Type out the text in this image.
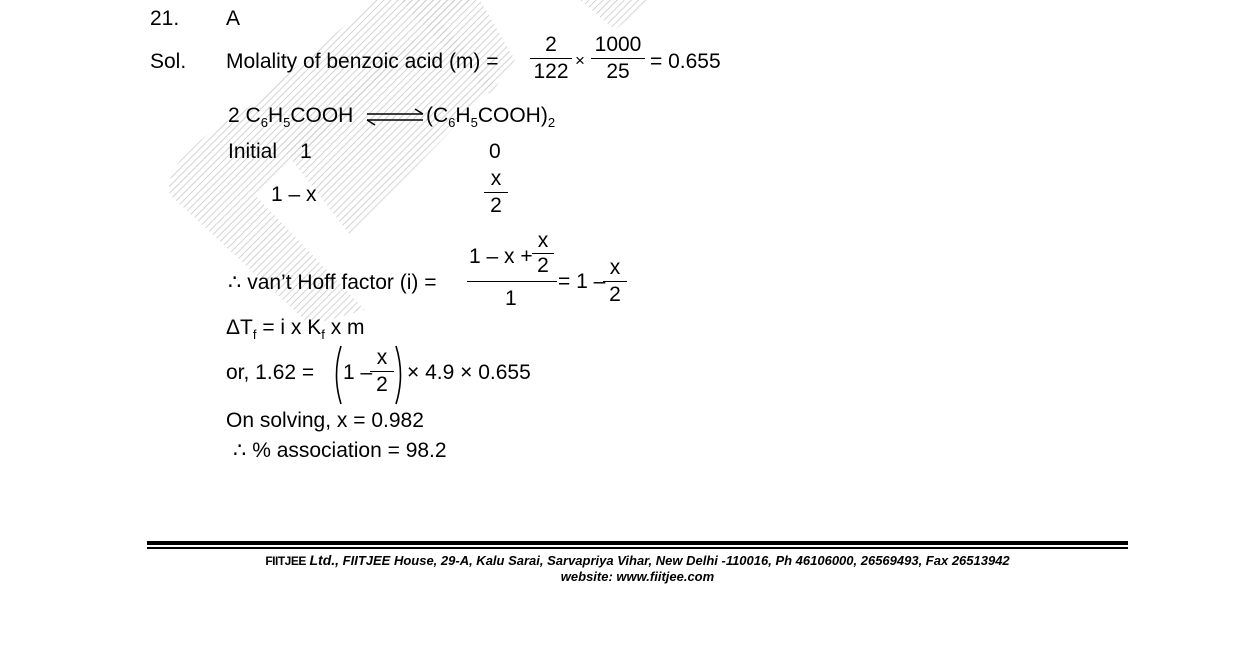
21. A
Sol. Molality of benzoic acid (m) =
2
122 ×
1000
25 = 0.655
2 $C_6H_5COOH$ ⇌ $(C_6H_5COOH)_2$
Initial 1	0
1 – x
x
2
∴ van’t Hoff factor (i) =
1 – x +
x
2
1
= 1 –
x
2
$\Delta T_f = i$ x $K_f$ x m
or, 1.62 = 1 –
x
2
× 4.9 × 0.655
On solving, x = 0.982
∴ % association = 98.2
FIITJEE Ltd., FIITJEE House, 29-A, Kalu Sarai, Sarvapriya Vihar, New Delhi -110016, Ph 46106000, 26569493, Fax 26513942
website: www.fiitjee.com
